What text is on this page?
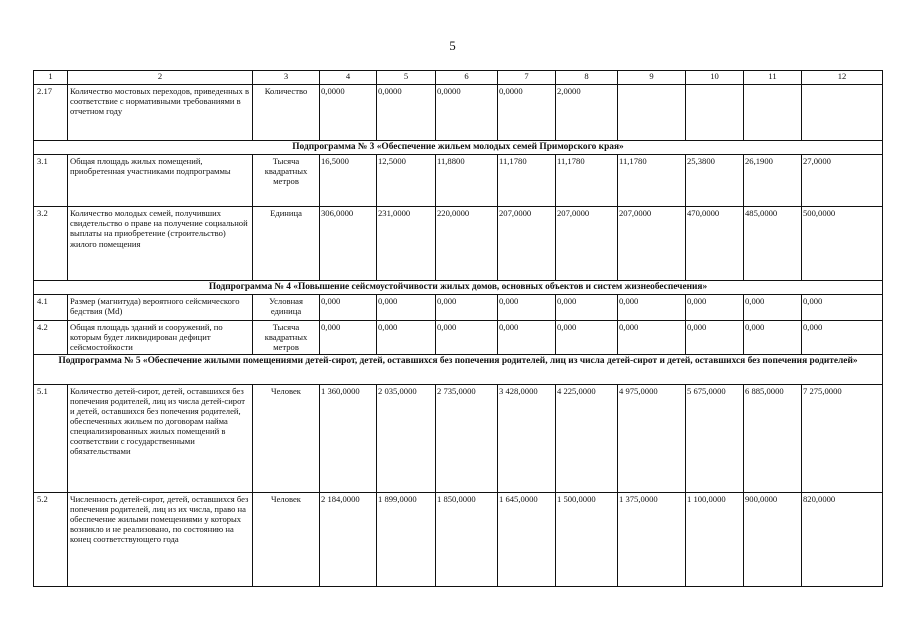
5
1	2	3	4	5	6	7	8	9	10	11	12
2.17	Количество мостовых переходов, приведенных в соответствие с нормативными требованиями в отчетном году	Количество	0,0000	0,0000	0,0000	0,0000	2,0000				
Подпрограмма № 3 «Обеспечение жильем молодых семей Приморского края»											
3.1	Общая площадь жилых помещений, приобретенная участниками подпрограммы	Тысяча квадратных метров	16,5000	12,5000	11,8800	11,1780	11,1780	11,1780	25,3800	26,1900	27,0000
3.2	Количество молодых семей, получивших свидетельство о праве на получение социальной выплаты на приобретение (строительство) жилого помещения	Единица	306,0000	231,0000	220,0000	207,0000	207,0000	207,0000	470,0000	485,0000	500,0000
Подпрограмма № 4 «Повышение сейсмоустойчивости жилых домов, основных объектов и систем жизнеобеспечения»											
4.1	Размер (магнитуда) вероятного сейсмического бедствия (Md)	Условная единица	0,000	0,000	0,000	0,000	0,000	0,000	0,000	0,000	0,000
4.2	Общая площадь зданий и сооружений, по которым будет ликвидирован дефицит сейсмостойкости	Тысяча квадратных метров	0,000	0,000	0,000	0,000	0,000	0,000	0,000	0,000	0,000
Подпрограмма № 5 «Обеспечение жилыми помещениями детей-сирот, детей, оставшихся без попечения родителей, лиц из числа детей-сирот и детей, оставшихся без попечения родителей»											
5.1	Количество детей-сирот, детей, оставшихся без попечения родителей, лиц из числа детей-сирот и детей, оставшихся без попечения родителей, обеспеченных жильем по договорам найма специализированных жилых помещений в соответствии с государственными обязательствами	Человек	1 360,0000	2 035,0000	2 735,0000	3 428,0000	4 225,0000	4 975,0000	5 675,0000	6 885,0000	7 275,0000
5.2	Численность детей-сирот, детей, оставшихся без попечения родителей, лиц из их числа, право на обеспечение жилыми помещениями у которых возникло и не реализовано, по состоянию на конец соответствующего года	Человек	2 184,0000	1 899,0000	1 850,0000	1 645,0000	1 500,0000	1 375,0000	1 100,0000	900,0000	820,0000
